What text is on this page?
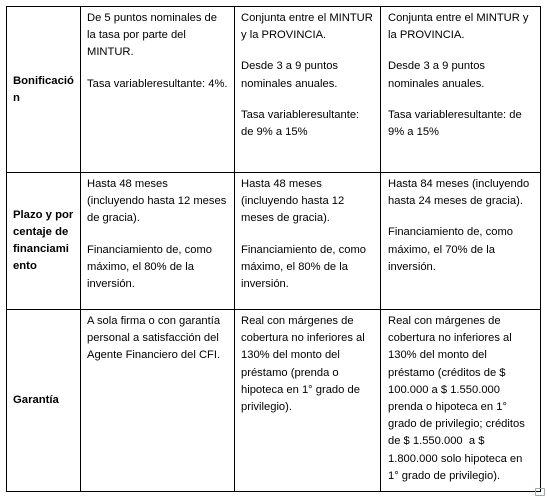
Bonificación

De 5 puntos nominales de la tasa por parte del MINTUR.

Tasa variableresultante: 4%.

Conjunta entre el MINTUR y la PROVINCIA.

Desde 3 a 9 puntos nominales anuales.

Tasa variableresultante: de 9% a 15%

Conjunta entre el MINTUR y la PROVINCIA.

Desde 3 a 9 puntos nominales anuales.

Tasa variableresultante: de 9% a 15%

Plazo y porcentaje de financiamiento

Hasta 48 meses (incluyendo hasta 12 meses de gracia).

Financiamiento de, como máximo, el 80% de la inversión.

Hasta 48 meses (incluyendo hasta 12 meses de gracia).

Financiamiento de, como máximo, el 80% de la inversión.

Hasta 84 meses (incluyendo hasta 24 meses de gracia).

Financiamiento de, como máximo, el 70% de la inversión.

Garantía

A sola firma o con garantía personal a satisfacción del Agente Financiero del CFI.

Real con márgenes de cobertura no inferiores al 130% del monto del préstamo (prenda o hipoteca en 1° grado de privilegio).

Real con márgenes de cobertura no inferiores al 130% del monto del préstamo (créditos de $ 100.000 a $ 1.550.000 prenda o hipoteca en 1° grado de privilegio; créditos de $ 1.550.000  a $ 1.800.000 solo hipoteca en 1° grado de privilegio).
